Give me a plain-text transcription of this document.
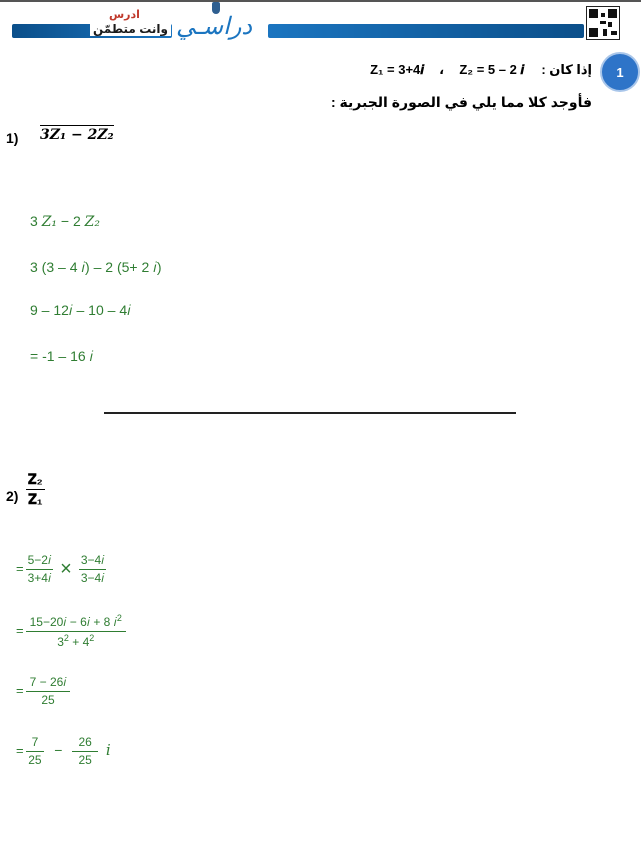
ادرس
وانت متطمّن دراسـي
1
إذا كان :  Z₂ = 5 – 2 𝒊  ،  Z₁ = 3+4𝒊
فأوجد كلا مما يلي في الصورة الجبرية :
1) 3𝒁₁ − 2𝒁₂
3 𝑍̄₁ − 2 𝑍̄₂
3 (3 – 4 𝑖) – 2 (5+ 2 𝑖)
9 – 12𝑖 – 10 – 4𝑖
= -1 – 16 𝑖
$2) \frac{\text{𝐙₂}}{\text{𝐙₁}}$
= $\frac{\text{5−2𝑖}}{\text{3+4𝑖}} \times \frac{\text{3−4𝑖}}{\text{3−4𝑖}}$
= $\frac{15-20𝑖 - 6𝑖 + 8 𝑖^2}{3^2 + 4^2}$
= $\frac{\text{7 − 26𝑖}}{25}$
= $\frac{7}{25} - \frac{26}{25}$ 𝑖
